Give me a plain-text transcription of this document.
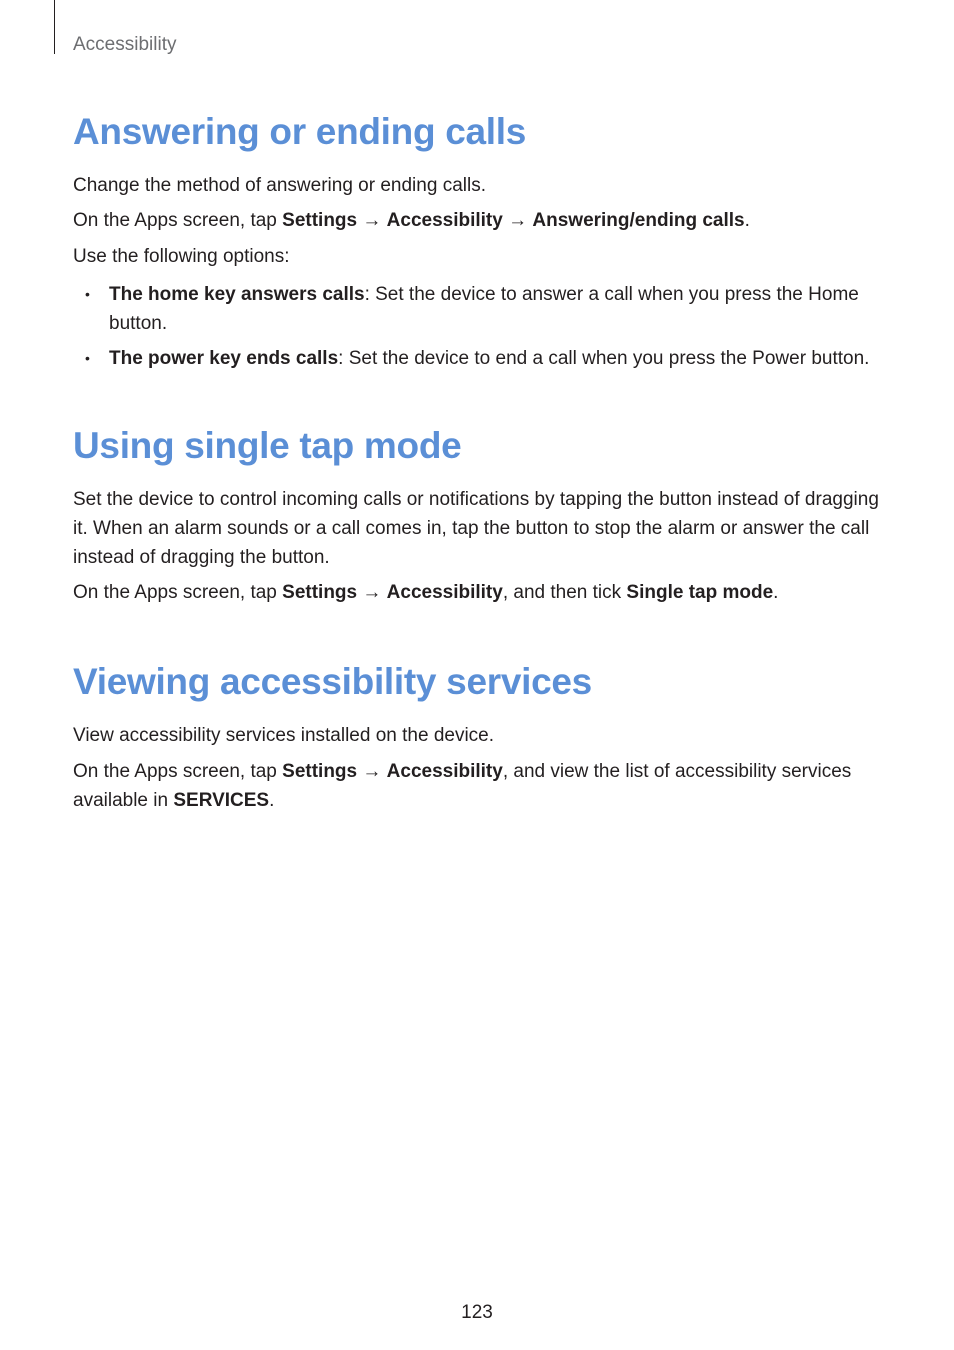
Accessibility
Answering or ending calls

Change the method of answering or ending calls.

On the Apps screen, tap Settings → Accessibility → Answering/ending calls.

Use the following options:

• The home key answers calls: Set the device to answer a call when you press the Home button.
• The power key ends calls: Set the device to end a call when you press the Power button.
Using single tap mode

Set the device to control incoming calls or notifications by tapping the button instead of dragging it. When an alarm sounds or a call comes in, tap the button to stop the alarm or answer the call instead of dragging the button.

On the Apps screen, tap Settings → Accessibility, and then tick Single tap mode.

Viewing accessibility services

View accessibility services installed on the device.

On the Apps screen, tap Settings → Accessibility, and view the list of accessibility services available in SERVICES.

123
